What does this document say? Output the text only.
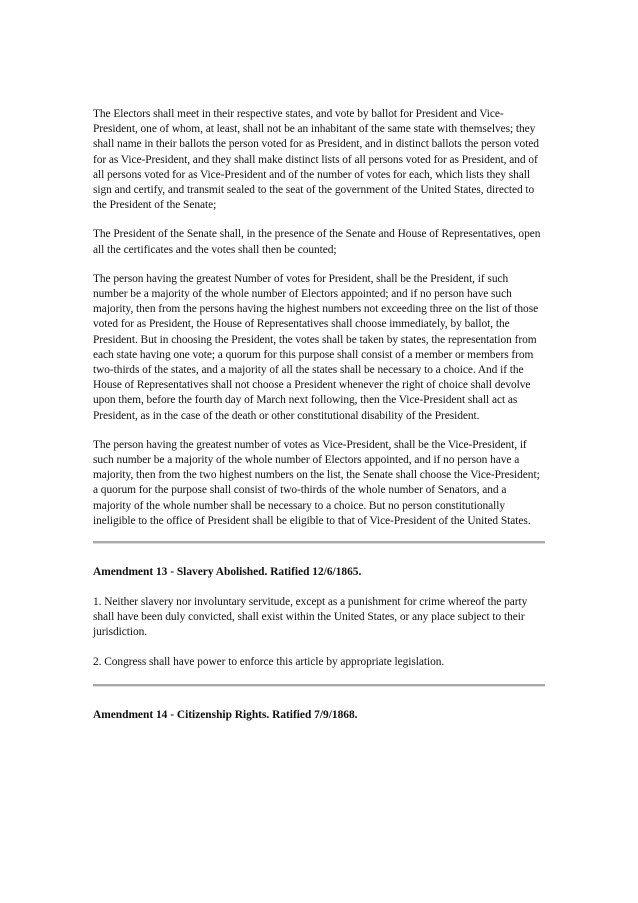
The Electors shall meet in their respective states, and vote by ballot for President and Vice-President, one of whom, at least, shall not be an inhabitant of the same state with themselves; they shall name in their ballots the person voted for as President, and in distinct ballots the person voted for as Vice-President, and they shall make distinct lists of all persons voted for as President, and of all persons voted for as Vice-President and of the number of votes for each, which lists they shall sign and certify, and transmit sealed to the seat of the government of the United States, directed to the President of the Senate;

The President of the Senate shall, in the presence of the Senate and House of Representatives, open all the certificates and the votes shall then be counted;

The person having the greatest Number of votes for President, shall be the President, if such number be a majority of the whole number of Electors appointed; and if no person have such majority, then from the persons having the highest numbers not exceeding three on the list of those voted for as President, the House of Representatives shall choose immediately, by ballot, the President. But in choosing the President, the votes shall be taken by states, the representation from each state having one vote; a quorum for this purpose shall consist of a member or members from two-thirds of the states, and a majority of all the states shall be necessary to a choice. And if the House of Representatives shall not choose a President whenever the right of choice shall devolve upon them, before the fourth day of March next following, then the Vice-President shall act as President, as in the case of the death or other constitutional disability of the President.

The person having the greatest number of votes as Vice-President, shall be the Vice-President, if such number be a majority of the whole number of Electors appointed, and if no person have a majority, then from the two highest numbers on the list, the Senate shall choose the Vice-President; a quorum for the purpose shall consist of two-thirds of the whole number of Senators, and a majority of the whole number shall be necessary to a choice. But no person constitutionally ineligible to the office of President shall be eligible to that of Vice-President of the United States.

Amendment 13 - Slavery Abolished. Ratified 12/6/1865.

1. Neither slavery nor involuntary servitude, except as a punishment for crime whereof the party shall have been duly convicted, shall exist within the United States, or any place subject to their jurisdiction.

2. Congress shall have power to enforce this article by appropriate legislation.

Amendment 14 - Citizenship Rights. Ratified 7/9/1868.
